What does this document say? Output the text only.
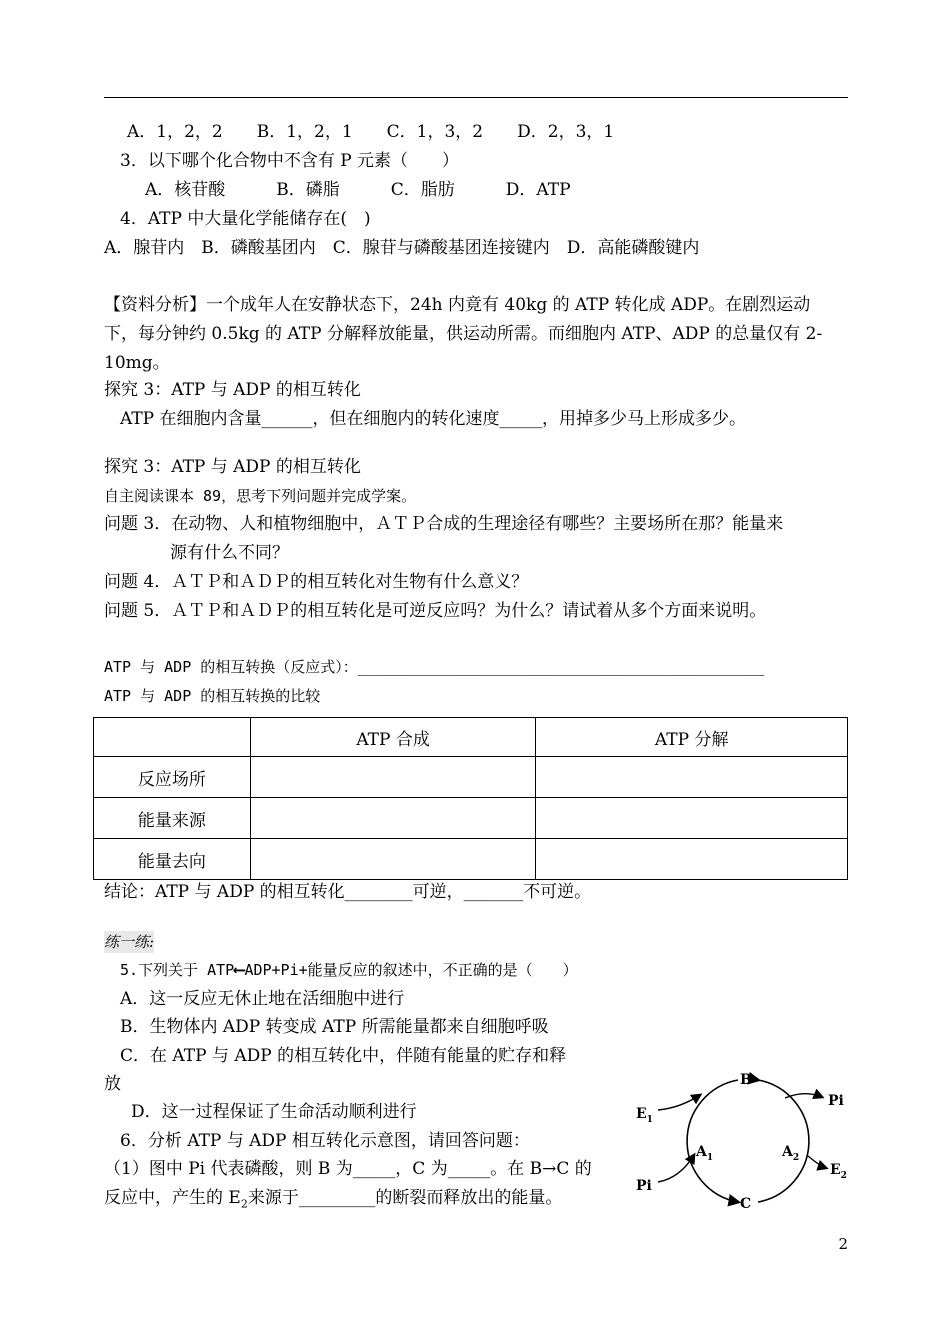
A．1，2，2　　B．1，2，1　　C．1，3，2　　D．2，3，1
3．以下哪个化合物中不含有 P 元素（　　）
A．核苷酸　　　B．磷脂　　　C．脂肪　　　D．ATP
4．ATP 中大量化学能储存在(　)
A．腺苷内　B．磷酸基团内　C．腺苷与磷酸基团连接键内　D．高能磷酸键内
【资料分析】一个成年人在安静状态下，24h 内竟有 40kg 的 ATP 转化成 ADP。在剧烈运动
下，每分钟约 0.5kg 的 ATP 分解释放能量，供运动所需。而细胞内 ATP、ADP 的总量仅有 2-
10mg。
探究 3：ATP 与 ADP 的相互转化
ATP 在细胞内含量______，但在细胞内的转化速度_____，用掉多少马上形成多少。
探究 3：ATP 与 ADP 的相互转化
自主阅读课本 89，思考下列问题并完成学案。
问题 3．在动物、人和植物细胞中，ＡＴＰ合成的生理途径有哪些？主要场所在那？能量来
源有什么不同？
问题 4．ＡＴＰ和ＡＤＰ的相互转化对生物有什么意义？
问题 5．ＡＴＰ和ＡＤＰ的相互转化是可逆反应吗？为什么？请试着从多个方面来说明。
ATP 与 ADP 的相互转换（反应式）：_____________________________________________
ATP 与 ADP 的相互转换的比较
	ATP 合成	ATP 分解
反应场所		
能量来源		
能量去向		
结论：ATP 与 ADP 的相互转化________可逆，_______不可逆。
练一练:
5.下列关于 ATP⟵ADP+Pi+能量反应的叙述中，不正确的是（　　）
A．这一反应无休止地在活细胞中进行
B．生物体内 ADP 转变成 ATP 所需能量都来自细胞呼吸
C．在 ATP 与 ADP 的相互转化中，伴随有能量的贮存和释
放
D．这一过程保证了生命活动顺利进行
6．分析 ATP 与 ADP 相互转化示意图，请回答问题：
（1）图中 Pi 代表磷酸，则 B 为_____，C 为_____。在 B→C 的
反应中，产生的 $E_2$来源于_________的断裂而释放出的能量。
B
C
Pi
Pi
$E_1$
$E_2$
$A_1$	$A_2$
2
